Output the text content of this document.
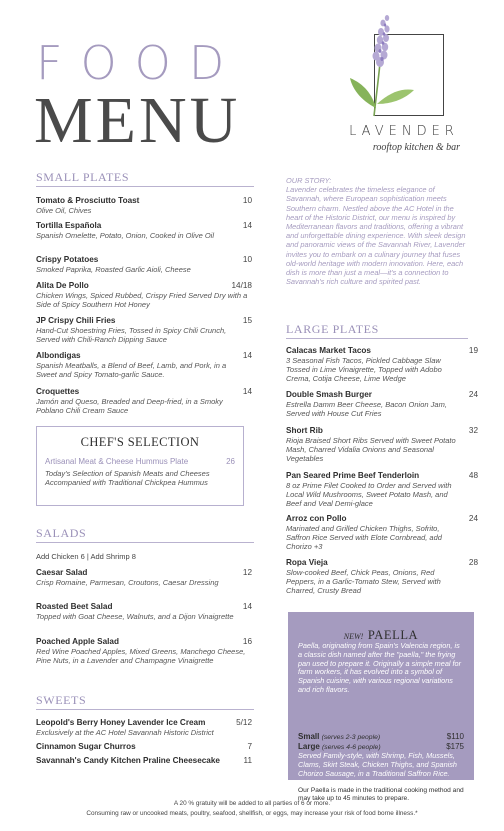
FOOD
MENU	LAVENDER
rooftop kitchen & bar
SMALL PLATES
Tomato & Prosciutto Toast
Olive Oil, Chives
10
Tortilla Española
Spanish Omelette, Potato, Onion, Cooked in Olive Oil
14
Crispy Potatoes
Smoked Paprika, Roasted Garlic Aioli, Cheese
10
Alita De Pollo
Chicken Wings, Spiced Rubbed, Crispy Fried Served Dry with a Side of Spicy Southern Hot Honey
14/18
JP Crispy Chili Fries
Hand-Cut Shoestring Fries, Tossed in Spicy Chili Crunch, Served with Chili-Ranch Dipping Sauce
15
Albondigas
Spanish Meatballs, a Blend of Beef, Lamb, and Pork, in a Sweet and Spicy Tomato-garlic Sauce.
14
Croquettes
Jamón and Queso, Breaded and Deep-fried, in a Smoky Poblano Chili Cream Sauce
14
CHEF'S SELECTION
Artisanal Meat & Cheese Hummus Plate	26
Today's Selection of Spanish Meats and Cheeses Accompanied with Traditional Chickpea Hummus
SALADS
Add Chicken 6 | Add Shrimp 8
Caesar Salad
Crisp Romaine, Parmesan, Croutons, Caesar Dressing
12
Roasted Beet Salad
Topped with Goat Cheese, Walnuts, and a Dijon Vinaigrette
14
Poached Apple Salad
Red Wine Poached Apples, Mixed Greens, Manchego Cheese, Pine Nuts, in a Lavender and Champagne Vinaigrette
16
SWEETS
Leopold's Berry Honey Lavender Ice Cream
Exclusively at the AC Hotel Savannah Historic District
5/12
Cinnamon Sugar Churros	7
Savannah's Candy Kitchen Praline Cheesecake	11
OUR STORY:
Lavender celebrates the timeless elegance of Savannah, where European sophistication meets Southern charm. Nestled above the AC Hotel in the heart of the Historic District, our menu is inspired by Mediterranean flavors and traditions, offering a vibrant and unforgettable dining experience. With sleek design and panoramic views of the Savannah River, Lavender invites you to embark on a culinary journey that fuses old-world heritage with modern innovation. Here, each dish is more than just a meal—it's a connection to Savannah's rich culture and spirited past.
LARGE PLATES
Calacas Market Tacos
3 Seasonal Fish Tacos, Pickled Cabbage Slaw Tossed in Lime Vinaigrette, Topped with Adobo Crema, Cotija Cheese, Lime Wedge
19
Double Smash Burger
Estrella Damm Beer Cheese, Bacon Onion Jam, Served with House Cut Fries
24
Short Rib
Rioja Braised Short Ribs Served with Sweet Potato Mash, Charred Vidalia Onions and Seasonal Vegetables
32
Pan Seared Prime Beef Tenderloin
8 oz Prime Filet Cooked to Order and Served with Local Wild Mushrooms, Sweet Potato Mash, and Beef and Veal Demi-glace
48
Arroz con Pollo
Marinated and Grilled Chicken Thighs, Sofrito, Saffron Rice Served with Elote Cornbread, add Chorizo +3
24
Ropa Vieja
Slow-cooked Beef, Chick Peas, Onions, Red Peppers, in a Garlic-Tomato Stew, Served with Charred, Crusty Bread
28
NEW! PAELLA
Paella, originating from Spain's Valencia region, is a classic dish named after the "paella," the frying pan used to prepare it. Originally a simple meal for farm workers, it has evolved into a symbol of Spanish cuisine, with various regional variations and rich flavors.
Small (serves 2-3 people)	$110
Large (serves 4-6 people)	$175
Served Family-style, with Shrimp, Fish, Mussels, Clams, Skirt Steak, Chicken Thighs, and Spanish Chorizo Sausage, in a Traditional Saffron Rice.
Our Paella is made in the traditional cooking method and may take up to 45 minutes to prepare.
A 20 % gratuity will be added to all parties of 6 or more.
Consuming raw or uncooked meats, poultry, seafood, shellfish, or eggs, may increase your risk of food borne illness.*
